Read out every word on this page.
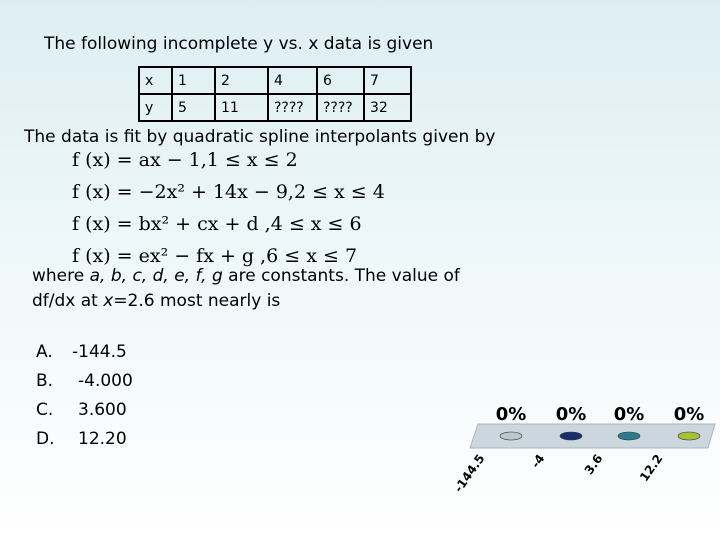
The following incomplete y vs. x data is given
x	1	2	4	6	7
y	5	11	????	????	32
The data is fit by quadratic spline interpolants given by
f (x) = ax − 1,1 ≤ x ≤ 2
f (x) = −2x² + 14x − 9,2 ≤ x ≤ 4
f (x) = bx² + cx + d ,4 ≤ x ≤ 6
f (x) = ex² − fx + g ,6 ≤ x ≤ 7
where a, b, c, d, e, f, g are constants. The value of
df/dx at x=2.6 most nearly is
A. -144.5
B. -4.000
C. 3.600
D. 12.20
0%
-144.5
0%
-4
0%
3.6
0%
12.2
